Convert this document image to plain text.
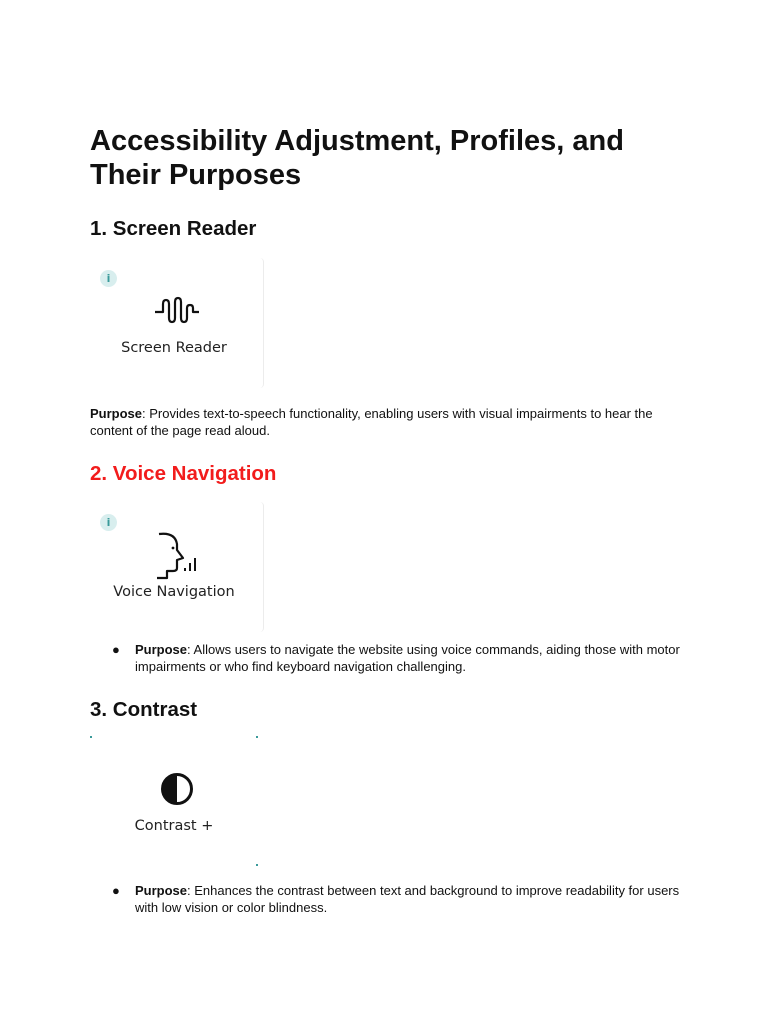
Accessibility Adjustment, Profiles, and Their Purposes
1. Screen Reader
i
Screen Reader

Purpose: Provides text-to-speech functionality, enabling users with visual impairments to hear the content of the page read aloud.

2. Voice Navigation
i
Voice Navigation
● Purpose: Allows users to navigate the website using voice commands, aiding those with motor impairments or who find keyboard navigation challenging.
3. Contrast
Contrast +
● Purpose: Enhances the contrast between text and background to improve readability for users with low vision or color blindness.
